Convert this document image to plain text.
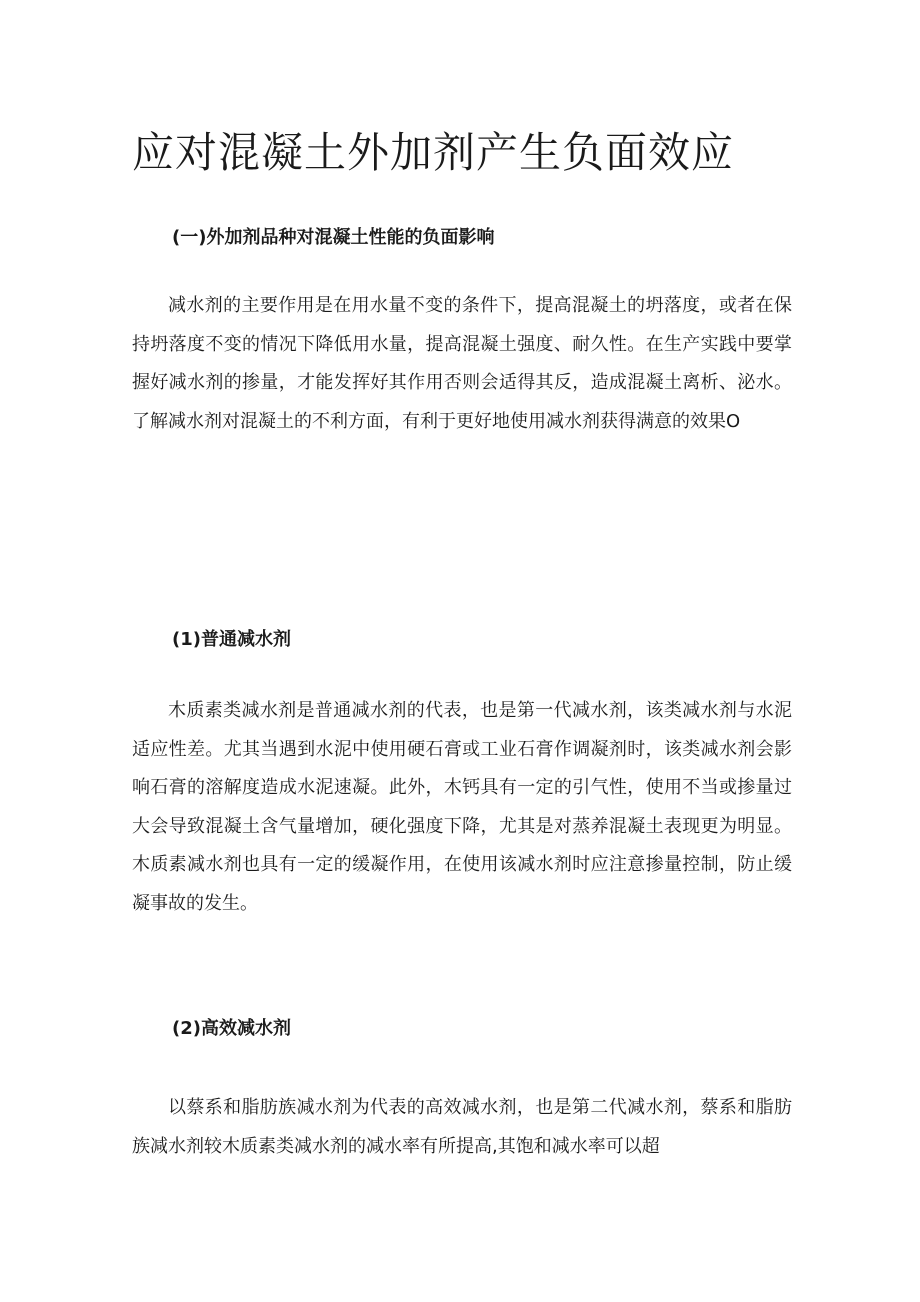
应对混凝土外加剂产生负面效应
(一)外加剂品种对混凝土性能的负面影响

减水剂的主要作用是在用水量不变的条件下，提高混凝土的坍落度，或者在保持坍落度不变的情况下降低用水量，提高混凝土强度、耐久性。在生产实践中要掌握好减水剂的掺量，才能发挥好其作用否则会适得其反，造成混凝土离析、泌水。了解减水剂对混凝土的不利方面，有利于更好地使用减水剂获得满意的效果O

(1)普通减水剂

木质素类减水剂是普通减水剂的代表，也是第一代减水剂，该类减水剂与水泥适应性差。尤其当遇到水泥中使用硬石膏或工业石膏作调凝剂时，该类减水剂会影响石膏的溶解度造成水泥速凝。此外，木钙具有一定的引气性，使用不当或掺量过大会导致混凝土含气量增加，硬化强度下降，尤其是对蒸养混凝土表现更为明显。木质素减水剂也具有一定的缓凝作用，在使用该减水剂时应注意掺量控制，防止缓凝事故的发生。

(2)高效减水剂

以蔡系和脂肪族减水剂为代表的高效减水剂，也是第二代减水剂，蔡系和脂肪族减水剂较木质素类减水剂的减水率有所提高,其饱和减水率可以超
